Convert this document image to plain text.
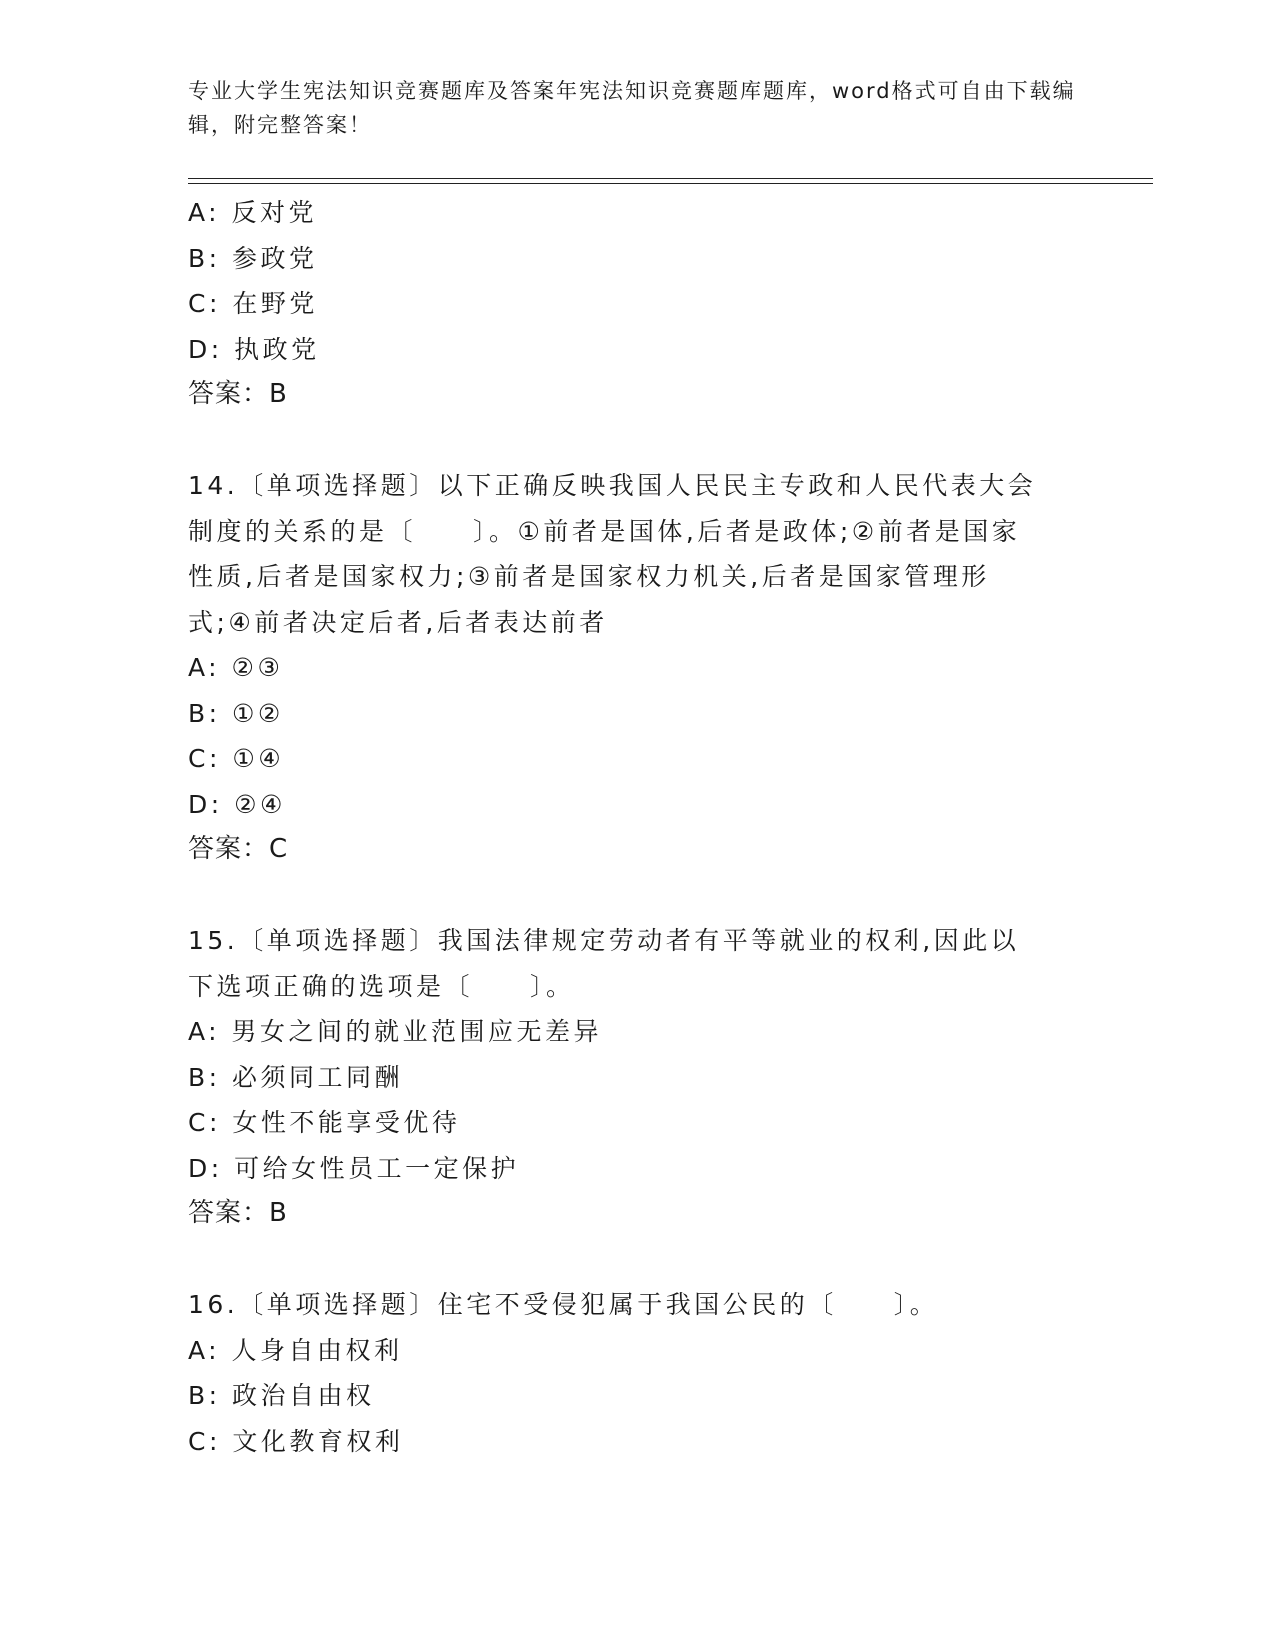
专业大学生宪法知识竞赛题库及答案年宪法知识竞赛题库题库，word格式可自由下载编辑，附完整答案！
A: 反对党
B: 参政党
C: 在野党
D: 执政党
答案：B
14.〔单项选择题〕以下正确反映我国人民民主专政和人民代表大会制度的关系的是〔　　〕。①前者是国体,后者是政体;②前者是国家性质,后者是国家权力;③前者是国家权力机关,后者是国家管理形式;④前者决定后者,后者表达前者
A: ②③
B: ①②
C: ①④
D: ②④
答案：C
15.〔单项选择题〕我国法律规定劳动者有平等就业的权利,因此以下选项正确的选项是〔　　〕。
A: 男女之间的就业范围应无差异
B: 必须同工同酬
C: 女性不能享受优待
D: 可给女性员工一定保护
答案：B
16.〔单项选择题〕住宅不受侵犯属于我国公民的〔　　〕。
A: 人身自由权利
B: 政治自由权
C: 文化教育权利
